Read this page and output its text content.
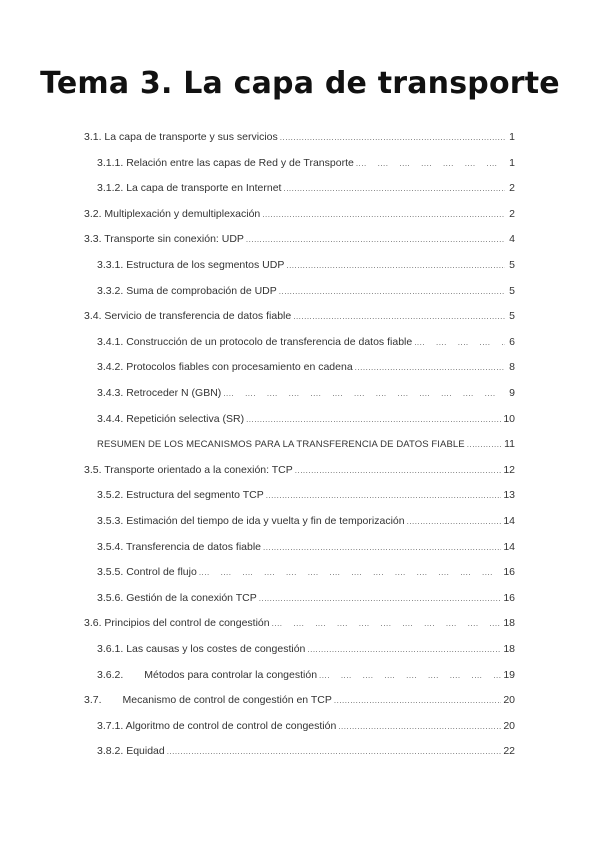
Tema 3. La capa de transporte
3.1. La capa de transporte y sus servicios .....	1
3.1.1. Relación entre las capas de Red y de Transporte ....	1
3.1.2. La capa de transporte en Internet .....	2
3.2. Multiplexación y demultiplexación .....	2
3.3. Transporte sin conexión: UDP .....	4
3.3.1. Estructura de los segmentos UDP .....	5
3.3.2. Suma de comprobación de UDP .....	5
3.4. Servicio de transferencia de datos fiable .....	5
3.4.1. Construcción de un protocolo de transferencia de datos fiable ....	6
3.4.2. Protocolos fiables con procesamiento en cadena .....	8
3.4.3. Retroceder N (GBN) ....	9
3.4.4. Repetición selectiva (SR) .....	10
RESUMEN DE LOS MECANISMOS PARA LA TRANSFERENCIA DE DATOS FIABLE .....	11
3.5. Transporte orientado a la conexión: TCP .....	12
3.5.2. Estructura del segmento TCP .....	13
3.5.3. Estimación del tiempo de ida y vuelta y fin de temporización .....	14
3.5.4. Transferencia de datos fiable .....	14
3.5.5. Control de flujo ....	16
3.5.6. Gestión de la conexión TCP .....	16
3.6. Principios del control de congestión ....	18
3.6.1. Las causas y los costes de congestión .....	18
3.6.2.  Métodos para controlar la congestión ....	19
3.7.  Mecanismo de control de congestión en TCP .....	20
3.7.1. Algoritmo de control de control de congestión .....	20
3.8.2. Equidad .....	22
